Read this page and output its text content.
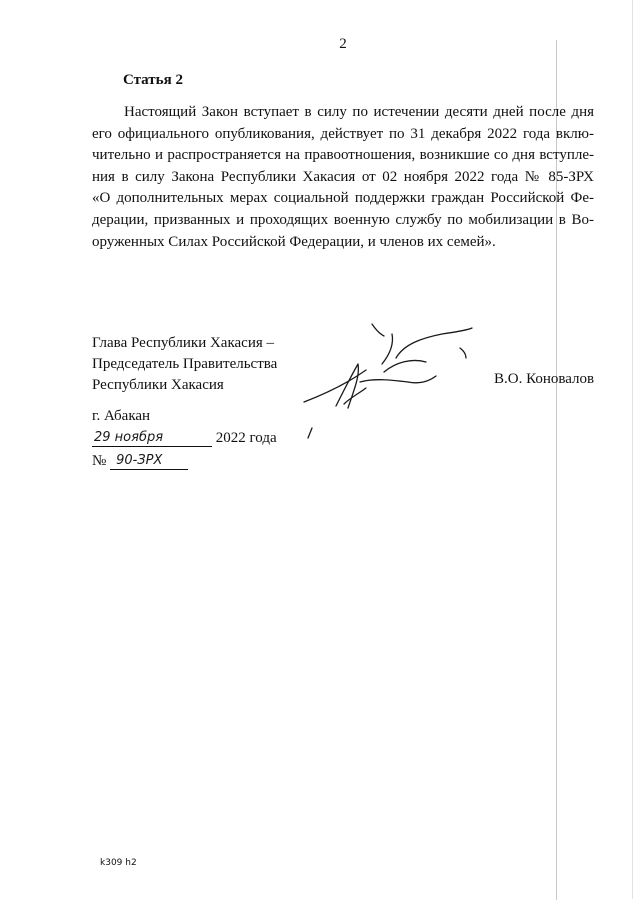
2
Статья 2

Настоящий Закон вступает в силу по истечении десяти дней после дня
его официального опубликования, действует по 31 декабря 2022 года вклю-
чительно и распространяется на правоотношения, возникшие со дня вступле-
ния в силу Закона Республики Хакасия от 02 ноября 2022 года № 85-ЗРХ
«О дополнительных мерах социальной поддержки граждан Российской Фе-
дерации, призванных и проходящих военную службу по мобилизации в Во-
оруженных Силах Российской Федерации, и членов их семей».

Глава Республики Хакасия –
Председатель Правительства
Республики Хакасия	В.О. Коновалов
г. Абакан
29 ноября	2022 года
№ 90-ЗРХ
k309 h2
